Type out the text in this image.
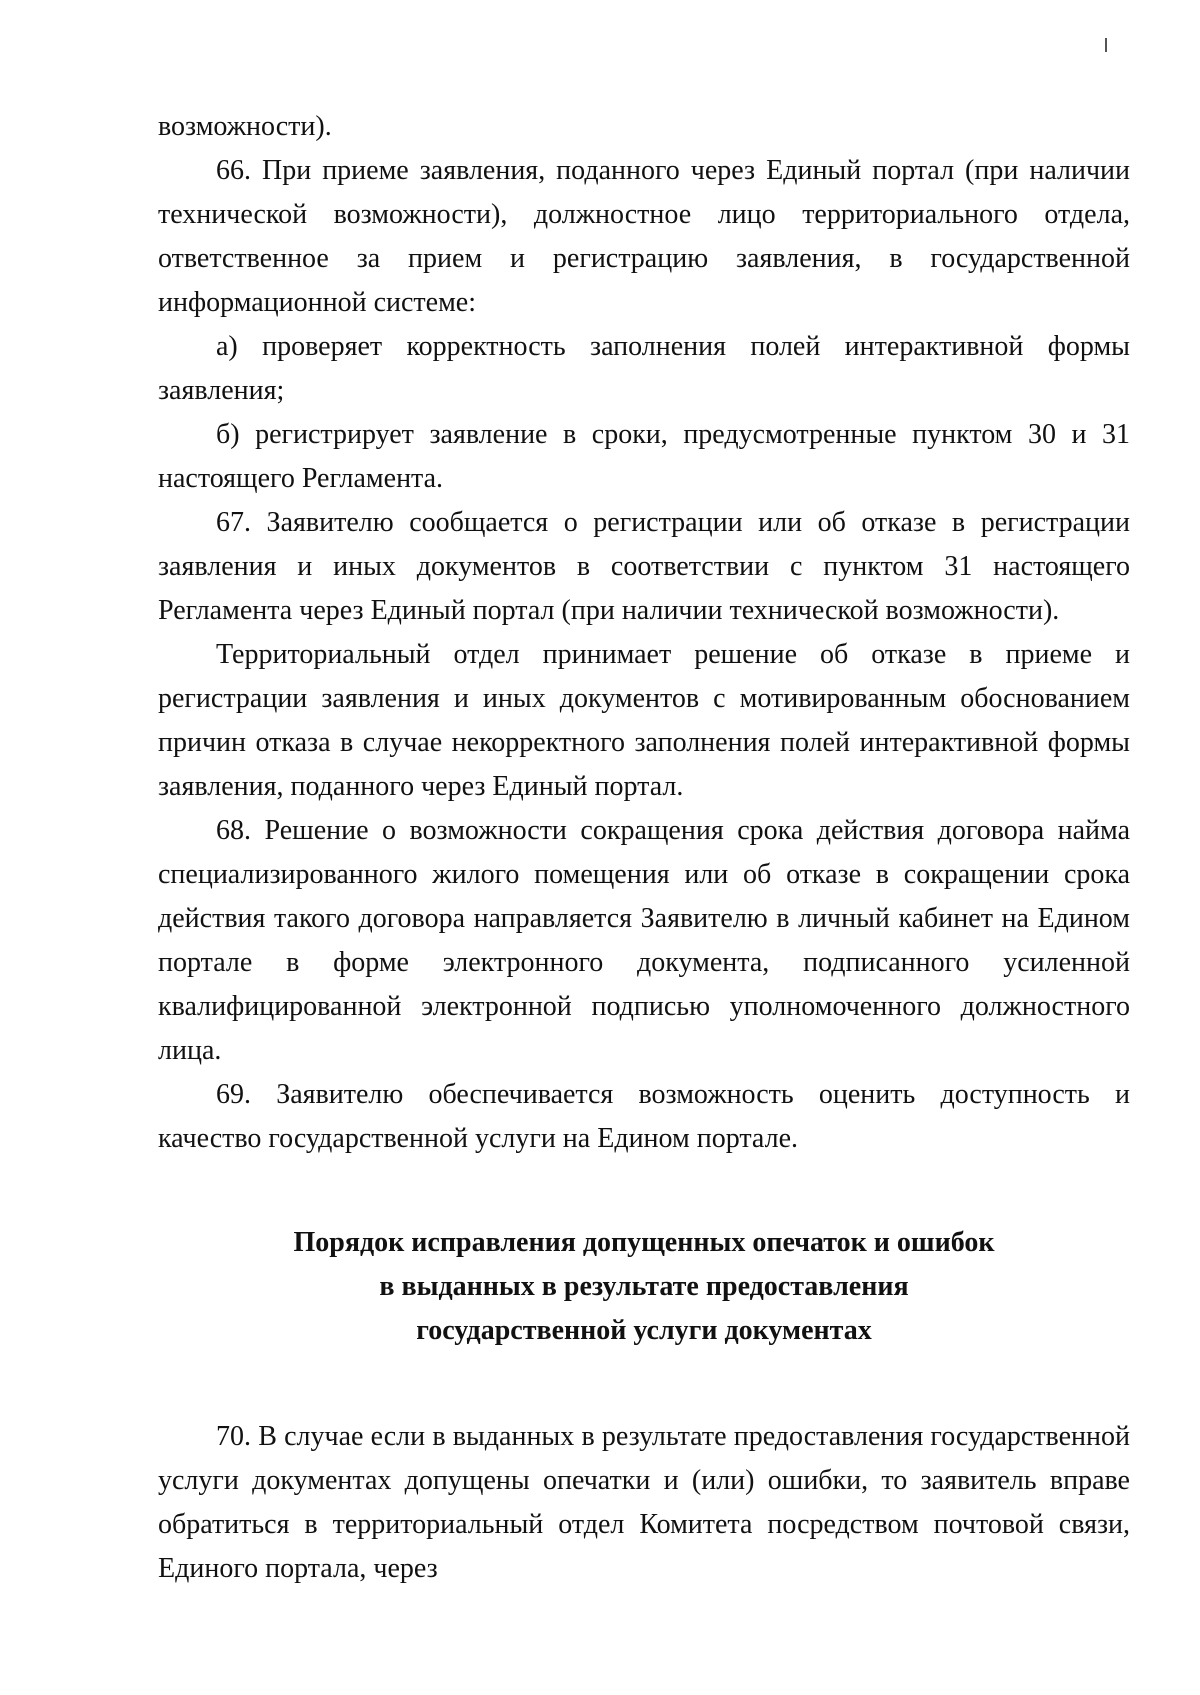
возможности).

66. При приеме заявления, поданного через Единый портал (при наличии технической возможности), должностное лицо территориального отдела, ответственное за прием и регистрацию заявления, в государственной информационной системе:

а) проверяет корректность заполнения полей интерактивной формы заявления;

б) регистрирует заявление в сроки, предусмотренные пунктом 30 и 31 настоящего Регламента.

67. Заявителю сообщается о регистрации или об отказе в регистрации заявления и иных документов в соответствии с пунктом 31 настоящего Регламента через Единый портал (при наличии технической возможности).

Территориальный отдел принимает решение об отказе в приеме и регистрации заявления и иных документов с мотивированным обоснованием причин отказа в случае некорректного заполнения полей интерактивной формы заявления, поданного через Единый портал.

68. Решение о возможности сокращения срока действия договора найма специализированного жилого помещения или об отказе в сокращении срока действия такого договора направляется Заявителю в личный кабинет на Едином портале в форме электронного документа, подписанного усиленной квалифицированной электронной подписью уполномоченного должностного лица.

69. Заявителю обеспечивается возможность оценить доступность и качество государственной услуги на Едином портале.

Порядок исправления допущенных опечаток и ошибок
в выданных в результате предоставления
государственной услуги документах

70. В случае если в выданных в результате предоставления государственной услуги документах допущены опечатки и (или) ошибки, то заявитель вправе обратиться в территориальный отдел Комитета посредством почтовой связи, Единого портала, через
